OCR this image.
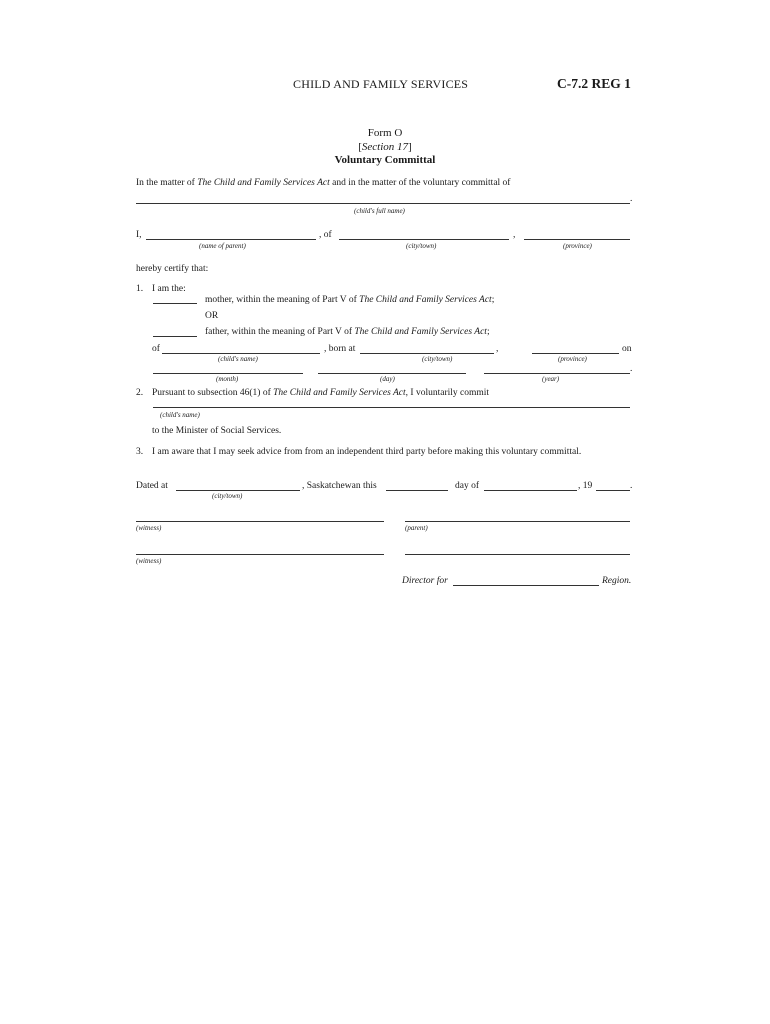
CHILD AND FAMILY SERVICES	C-7.2 REG 1
Form O
[Section 17]
Voluntary Committal
In the matter of The Child and Family Services Act and in the matter of the voluntary committal of
.
(child's full name)
I,	, of	,
(name of parent)	(city/town)	(province)
hereby certify that:
1. I am the:
mother, within the meaning of Part V of The Child and Family Services Act;
OR
father, within the meaning of Part V of The Child and Family Services Act;
of	, born at	,	on
(child's name)	(city/town)	(province)
.
(month)	(day)	(year)
2. Pursuant to subsection 46(1) of The Child and Family Services Act, I voluntarily commit
(child's name)
to the Minister of Social Services.
3. I am aware that I may seek advice from from an independent third party before making this voluntary committal.
Dated at	, Saskatchewan this	day of	, 19	.
(city/town)
(witness)	(parent)
(witness)
Director for	Region.
